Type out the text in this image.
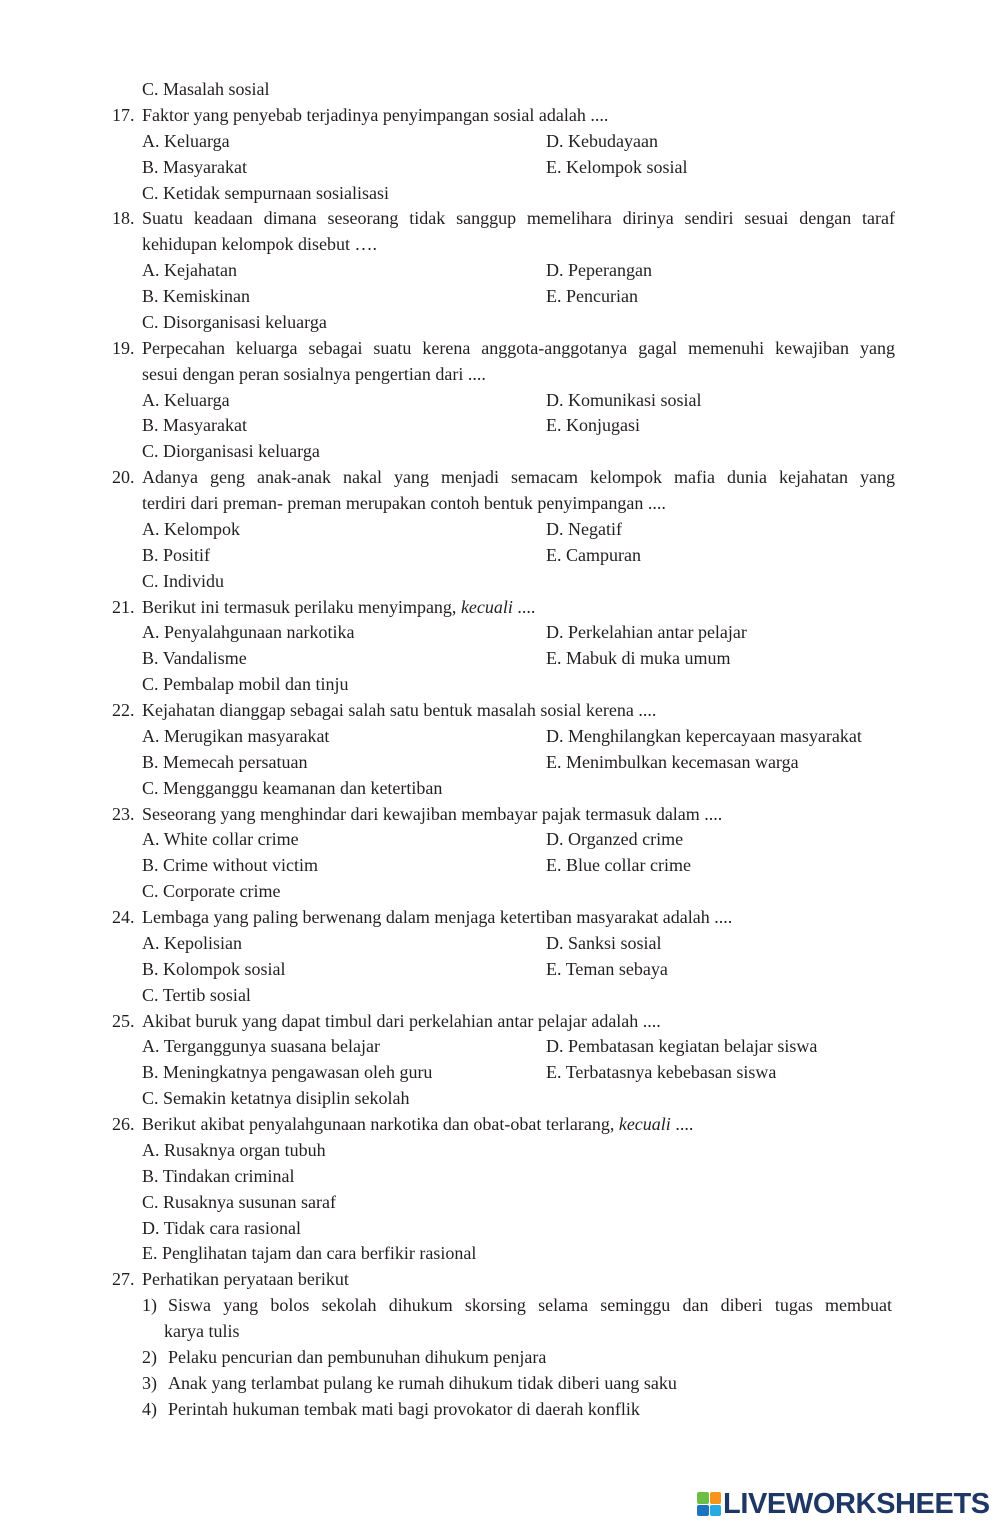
C. Masalah sosial
17. Faktor yang penyebab terjadinya penyimpangan sosial adalah ....
A. Keluarga	D. Kebudayaan
B. Masyarakat	E. Kelompok sosial
C. Ketidak sempurnaan sosialisasi
18. Suatu keadaan dimana seseorang tidak sanggup memelihara dirinya sendiri sesuai dengan taraf
kehidupan kelompok disebut ….
A. Kejahatan	D. Peperangan
B. Kemiskinan	E. Pencurian
C. Disorganisasi keluarga
19. Perpecahan keluarga sebagai suatu kerena anggota-anggotanya gagal memenuhi kewajiban yang
sesui dengan peran sosialnya pengertian dari ....
A. Keluarga	D. Komunikasi sosial
B. Masyarakat	E. Konjugasi
C. Diorganisasi keluarga
20. Adanya geng anak-anak nakal yang menjadi semacam kelompok mafia dunia kejahatan yang
terdiri dari preman- preman merupakan contoh bentuk penyimpangan ....
A. Kelompok	D. Negatif
B. Positif	E. Campuran
C. Individu
21. Berikut ini termasuk perilaku menyimpang, kecuali ....
A. Penyalahgunaan narkotika	D. Perkelahian antar pelajar
B. Vandalisme	E. Mabuk di muka umum
C. Pembalap mobil dan tinju
22. Kejahatan dianggap sebagai salah satu bentuk masalah sosial kerena ....
A. Merugikan masyarakat	D. Menghilangkan kepercayaan masyarakat
B. Memecah persatuan	E. Menimbulkan kecemasan warga
C. Mengganggu keamanan dan ketertiban
23. Seseorang yang menghindar dari kewajiban membayar pajak termasuk dalam ....
A. White collar crime	D. Organzed crime
B. Crime without victim	E. Blue collar crime
C. Corporate crime
24. Lembaga yang paling berwenang dalam menjaga ketertiban masyarakat adalah ....
A. Kepolisian	D. Sanksi sosial
B. Kolompok sosial	E. Teman sebaya
C. Tertib sosial
25. Akibat buruk yang dapat timbul dari perkelahian antar pelajar adalah ....
A. Terganggunya suasana belajar	D. Pembatasan kegiatan belajar siswa
B. Meningkatnya pengawasan oleh guru	E. Terbatasnya kebebasan siswa
C. Semakin ketatnya disiplin sekolah
26. Berikut akibat penyalahgunaan narkotika dan obat-obat terlarang, kecuali ....
A. Rusaknya organ tubuh
B. Tindakan criminal
C. Rusaknya susunan saraf
D. Tidak cara rasional
E. Penglihatan tajam dan cara berfikir rasional
27. Perhatikan peryataan berikut
1) Siswa yang bolos sekolah dihukum skorsing selama seminggu dan diberi tugas membuat
karya tulis
2) Pelaku pencurian dan pembunuhan dihukum penjara
3) Anak yang terlambat pulang ke rumah dihukum tidak diberi uang saku
4) Perintah hukuman tembak mati bagi provokator di daerah konflik
LIVEWORKSHEETS
